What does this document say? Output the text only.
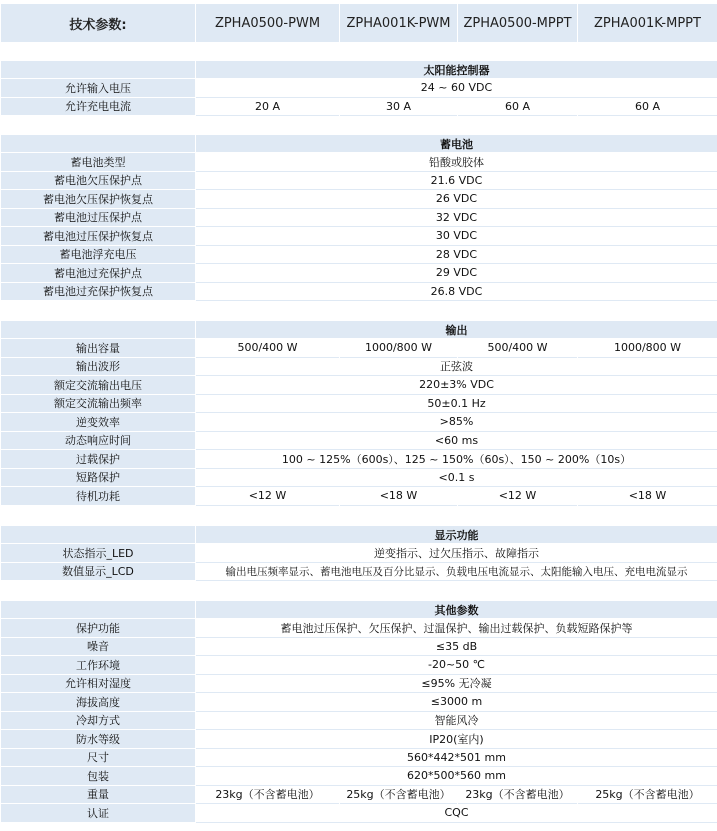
技术参数:	ZPHA0500-PWM	ZPHA001K-PWM	ZPHA0500-MPPT	ZPHA001K-MPPT
	太阳能控制器			
允许输入电压	24 ~ 60 VDC			
允许充电电流	20 A	30 A	60 A	60 A
	蓄电池
蓄电池类型	铅酸或胶体
蓄电池欠压保护点	21.6 VDC
蓄电池欠压保护恢复点	26 VDC
蓄电池过压保护点	32 VDC
蓄电池过压保护恢复点	30 VDC
蓄电池浮充电压	28 VDC
蓄电池过充保护点	29 VDC
蓄电池过充保护恢复点	26.8 VDC
	输出			
输出容量	500/400 W	1000/800 W	500/400 W	1000/800 W
输出波形	正弦波			
额定交流输出电压	220±3% VDC			
额定交流输出频率	50±0.1 Hz			
逆变效率	>85%			
动态响应时间	<60 ms			
过载保护	100 ~ 125%（600s）、125 ~ 150%（60s）、150 ~ 200%（10s）			
短路保护	<0.1 s			
待机功耗	<12 W	<18 W	<12 W	<18 W
	显示功能
状态指示_LED	逆变指示、过欠压指示、故障指示
数值显示_LCD	输出电压频率显示、蓄电池电压及百分比显示、负载电压电流显示、太阳能输入电压、充电电流显示
	其他参数			
保护功能	蓄电池过压保护、欠压保护、过温保护、输出过载保护、负载短路保护等			
噪音	≤35 dB			
工作环境	-20~50 ℃			
允许相对湿度	≤95% 无冷凝			
海拔高度	≤3000 m			
冷却方式	智能风冷			
防水等级	IP20(室内)			
尺寸	560*442*501 mm			
包装	620*500*560 mm			
重量	23kg（不含蓄电池）	25kg（不含蓄电池）	23kg（不含蓄电池）	25kg（不含蓄电池）
认证	CQC			
